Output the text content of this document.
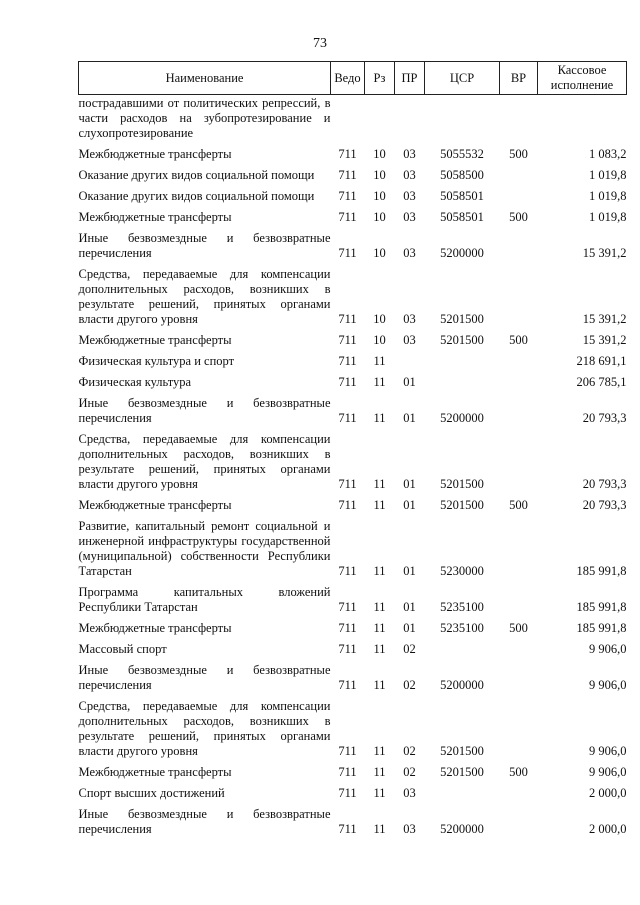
73
Наименование	Ведо	Рз	ПР	ЦСР	ВР	Кассовое исполнение
пострадавшими от политических репрессий, в части расходов на зубопротезирование и слухопротезирование						

Межбюджетные трансферты	711	10	03	5055532	500	1 083,2

Оказание других видов социальной помощи	711	10	03	5058500		1 019,8

Оказание других видов социальной помощи	711	10	03	5058501		1 019,8

Межбюджетные трансферты	711	10	03	5058501	500	1 019,8

Иные безвозмездные и безвозвратные перечисления	711	10	03	5200000		15 391,2

Средства, передаваемые для компенсации дополнительных расходов, возникших в результате решений, принятых органами власти другого уровня	711	10	03	5201500		15 391,2

Межбюджетные трансферты	711	10	03	5201500	500	15 391,2

Физическая культура и спорт	711	11				218 691,1

Физическая культура	711	11	01			206 785,1

Иные безвозмездные и безвозвратные перечисления	711	11	01	5200000		20 793,3

Средства, передаваемые для компенсации дополнительных расходов, возникших в результате решений, принятых органами власти другого уровня	711	11	01	5201500		20 793,3

Межбюджетные трансферты	711	11	01	5201500	500	20 793,3

Развитие, капитальный ремонт социальной и инженерной инфраструктуры государственной (муниципальной) собственности Республики Татарстан	711	11	01	5230000		185 991,8

Программа капитальных вложений Республики Татарстан	711	11	01	5235100		185 991,8

Межбюджетные трансферты	711	11	01	5235100	500	185 991,8

Массовый спорт	711	11	02			9 906,0

Иные безвозмездные и безвозвратные перечисления	711	11	02	5200000		9 906,0

Средства, передаваемые для компенсации дополнительных расходов, возникших в результате решений, принятых органами власти другого уровня	711	11	02	5201500		9 906,0

Межбюджетные трансферты	711	11	02	5201500	500	9 906,0

Спорт высших достижений	711	11	03			2 000,0

Иные безвозмездные и безвозвратные перечисления	711	11	03	5200000		2 000,0
